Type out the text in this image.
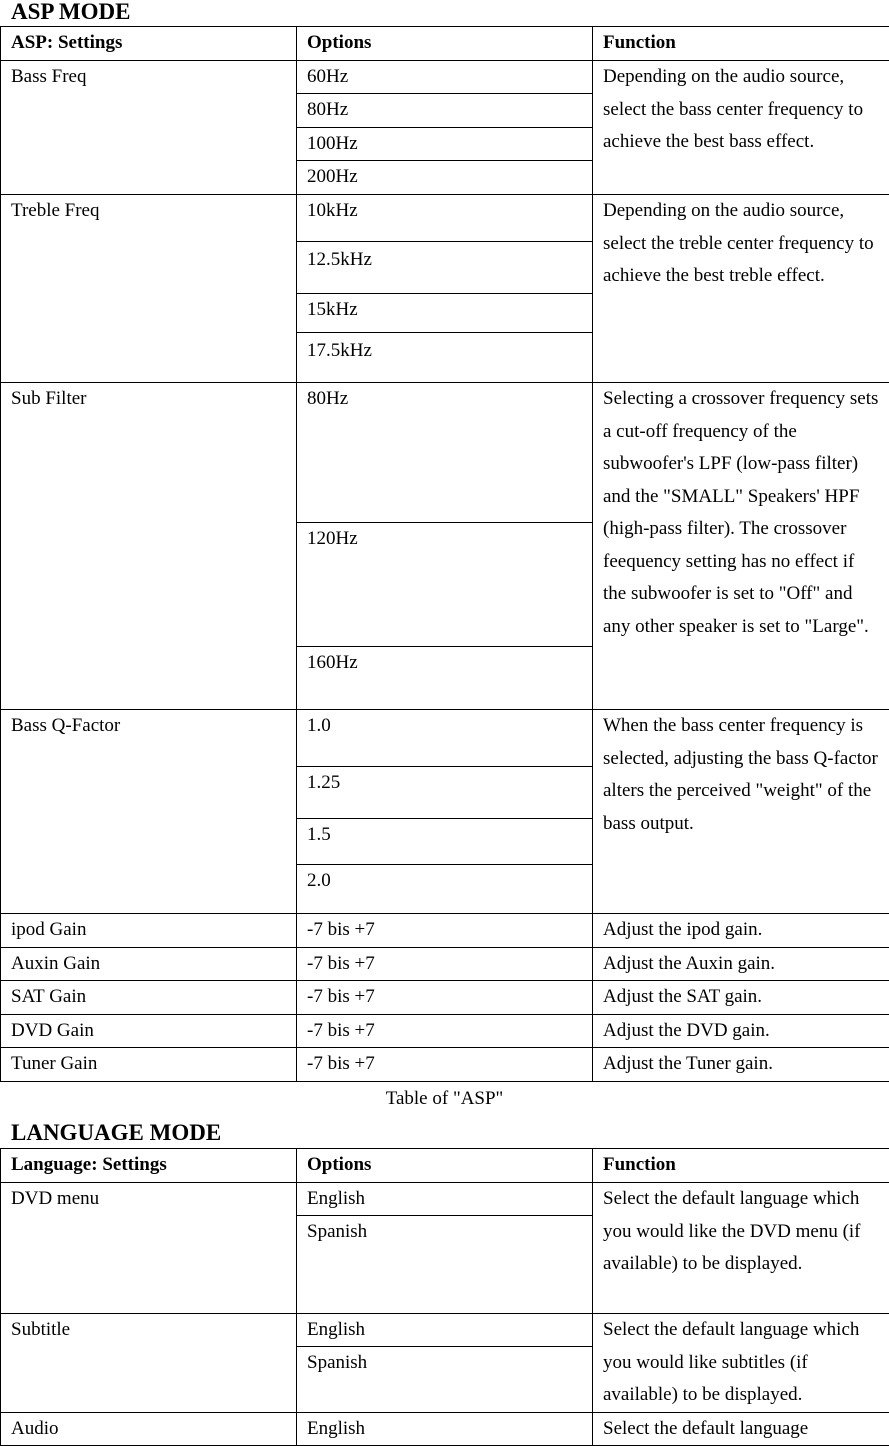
ASP MODE
ASP: Settings	Options	Function
Bass Freq	60Hz	Depending on the audio source, select the bass center frequency to achieve the best bass effect.
	80Hz	
	100Hz	
	200Hz	
Treble Freq	10kHz	Depending on the audio source, select the treble center frequency to achieve the best treble effect.
	12.5kHz	
	15kHz	
	17.5kHz	
Sub Filter	80Hz	Selecting a crossover frequency sets a cut-off frequency of the subwoofer's LPF (low-pass filter) and the "SMALL" Speakers' HPF (high-pass filter). The crossover feequency setting has no effect if the subwoofer is set to "Off" and any other speaker is set to "Large".
	120Hz	
	160Hz	
Bass Q-Factor	1.0	When the bass center frequency is selected, adjusting the bass Q-factor alters the perceived "weight" of the bass output.
	1.25	
	1.5	
	2.0	
ipod Gain	-7 bis +7	Adjust the ipod gain.
Auxin Gain	-7 bis +7	Adjust the Auxin gain.
SAT Gain	-7 bis +7	Adjust the SAT gain.
DVD Gain	-7 bis +7	Adjust the DVD gain.
Tuner Gain	-7 bis +7	Adjust the Tuner gain.
Table of "ASP"
LANGUAGE MODE
Language: Settings	Options	Function
DVD menu	English	Select the default language which you would like the DVD menu (if available) to be displayed.
	Spanish	
Subtitle	English	Select the default language which you would like subtitles (if available) to be displayed.
	Spanish	
Audio	English	Select the default language
